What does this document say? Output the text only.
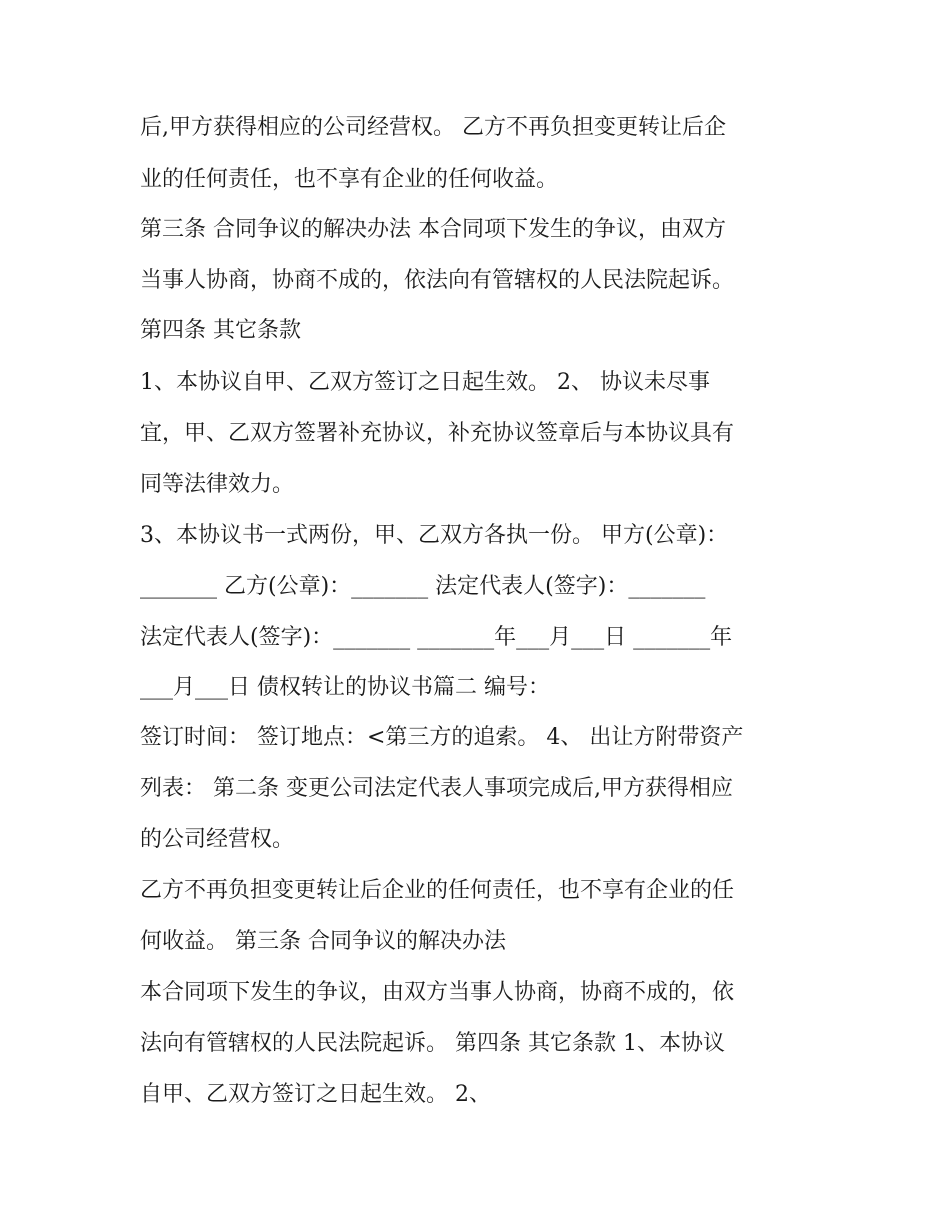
后,甲方获得相应的公司经营权。 乙方不再负担变更转让后企
业的任何责任，也不享有企业的任何收益。
第三条 合同争议的解决办法 本合同项下发生的争议，由双方
当事人协商，协商不成的，依法向有管辖权的人民法院起诉。
第四条 其它条款
1、本协议自甲、乙双方签订之日起生效。 2、 协议未尽事
宜，甲、乙双方签署补充协议，补充协议签章后与本协议具有
同等法律效力。
3、本协议书一式两份，甲、乙双方各执一份。 甲方(公章)：
_______ 乙方(公章)：_______ 法定代表人(签字)：_______
法定代表人(签字)：_______ _______年___月___日 _______年
___月___日 债权转让的协议书篇二 编号：
签订时间： 签订地点：<第三方的追索。 4、 出让方附带资产
列表： 第二条 变更公司法定代表人事项完成后,甲方获得相应
的公司经营权。
乙方不再负担变更转让后企业的任何责任，也不享有企业的任
何收益。 第三条 合同争议的解决办法
本合同项下发生的争议，由双方当事人协商，协商不成的，依
法向有管辖权的人民法院起诉。 第四条 其它条款 1、本协议
自甲、乙双方签订之日起生效。 2、
